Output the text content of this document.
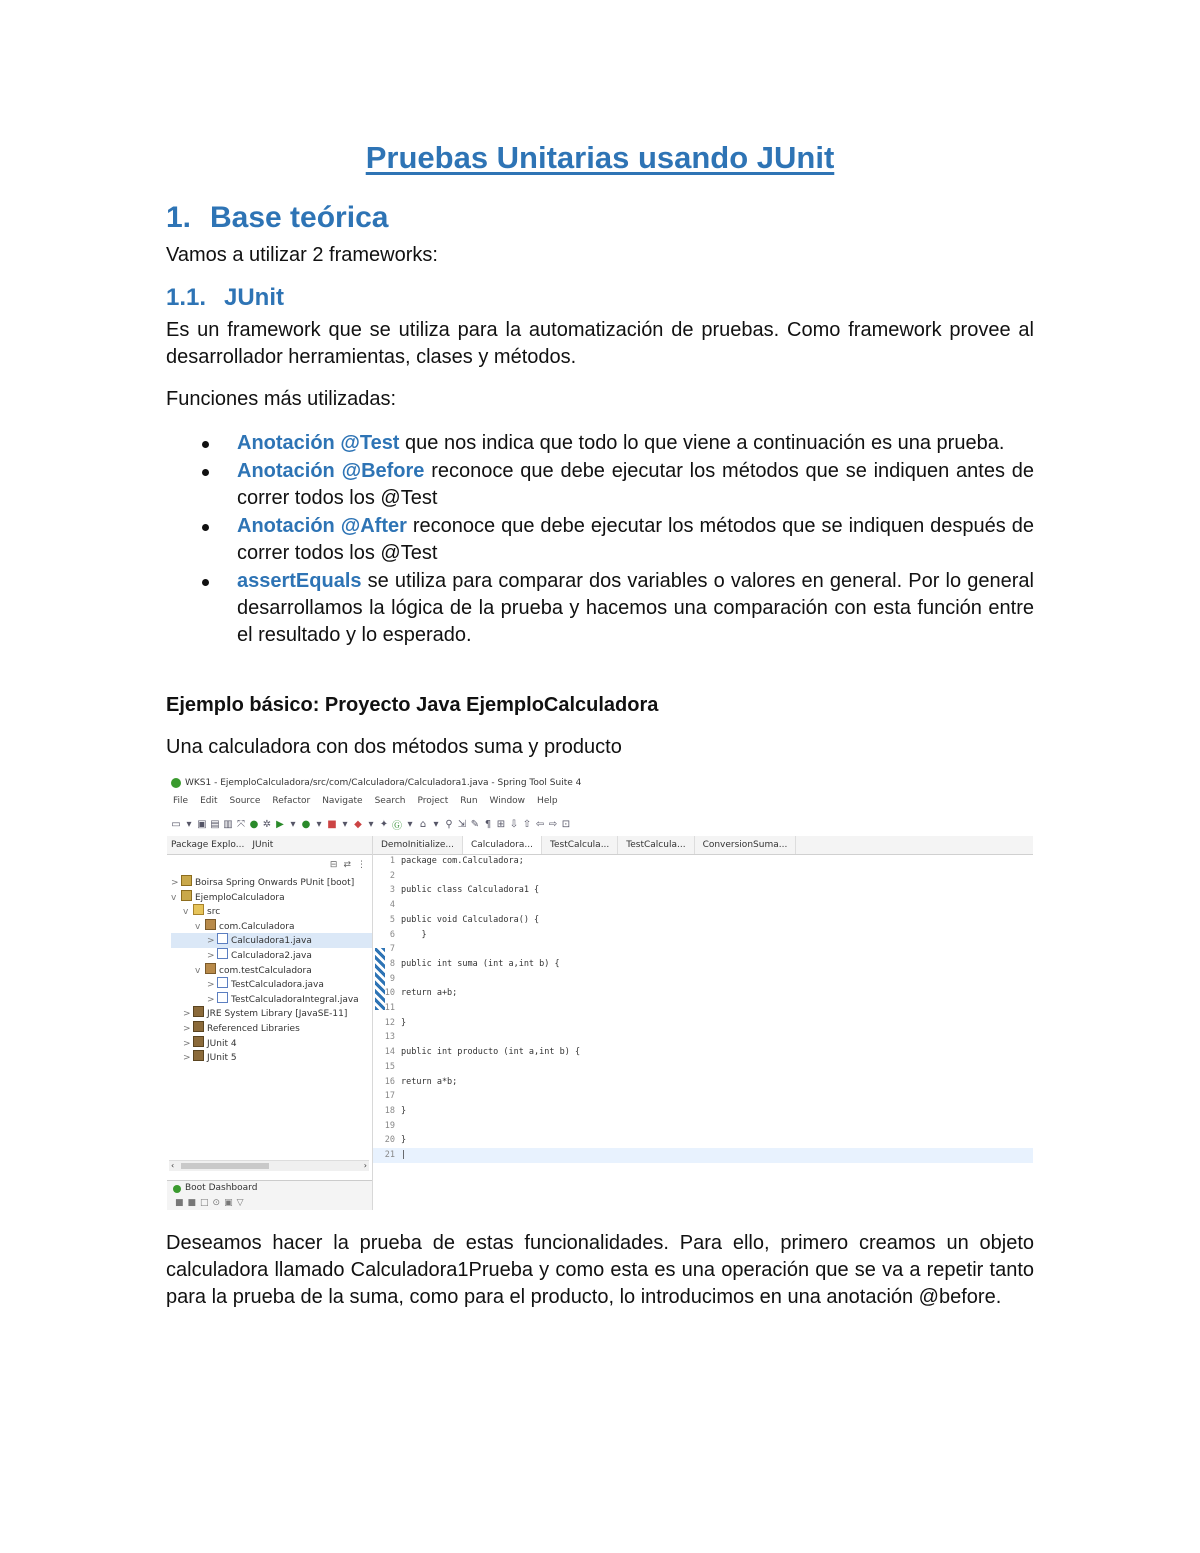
Pruebas Unitarias usando JUnit
1. Base teórica
Vamos a utilizar 2 frameworks:
1.1. JUnit
Es un framework que se utiliza para la automatización de pruebas. Como framework provee al desarrollador herramientas, clases y métodos.
Funciones más utilizadas:
Anotación @Test que nos indica que todo lo que viene a continuación es una prueba.
Anotación @Before reconoce que debe ejecutar los métodos que se indiquen antes de correr todos los @Test
Anotación @After reconoce que debe ejecutar los métodos que se indiquen después de correr todos los @Test
assertEquals se utiliza para comparar dos variables o valores en general. Por lo general desarrollamos la lógica de la prueba y hacemos una comparación con esta función entre el resultado y lo esperado.
Ejemplo básico: Proyecto Java EjemploCalculadora
Una calculadora con dos métodos suma y producto
WKS1 - EjemploCalculadora/src/com/Calculadora/Calculadora1.java - Spring Tool Suite 4
File Edit Source Refactor Navigate Search Project Run Window Help
▭ ▾ ▣ ▤ ▥ ⤧ ● ✲ ▶ ▾ ● ▾ ■ ▾ ◆ ▾ ✦ Ⓖ ▾ ⌂ ▾ ⚲ ⇲ ✎ ¶ ⊞ ⇩ ⇧ ⇦ ⇨ ⊡
Package Explo... JUnit
⊟ ⇄ ⋮
> Boirsa Spring Onwards PUnit [boot]
v EjemploCalculadora
v src
v com.Calculadora
> Calculadora1.java
> Calculadora2.java
v com.testCalculadora
> TestCalculadora.java
> TestCalculadoraIntegral.java
> JRE System Library [JavaSE-11]
> Referenced Libraries
> JUnit 4
> JUnit 5
‹	›
Boot Dashboard
■■□⊙▣▽
DemoInitialize...	Calculadora...	TestCalcula...	TestCalcula...	ConversionSuma...
1 package com.Calculadora;
2
3 public class Calculadora1 {
4
5 public void Calculadora() {
6    }
7
8 public int suma (int a,int b) {
9
10 return a+b;
11
12 }
13
14 public int producto (int a,int b) {
15
16 return a*b;
17
18 }
19
20 }
21 |
Deseamos hacer la prueba de estas funcionalidades. Para ello, primero creamos un objeto calculadora llamado Calculadora1Prueba y como esta es una operación que se va a repetir tanto para la prueba de la suma, como para el producto, lo introducimos en una anotación @before.
